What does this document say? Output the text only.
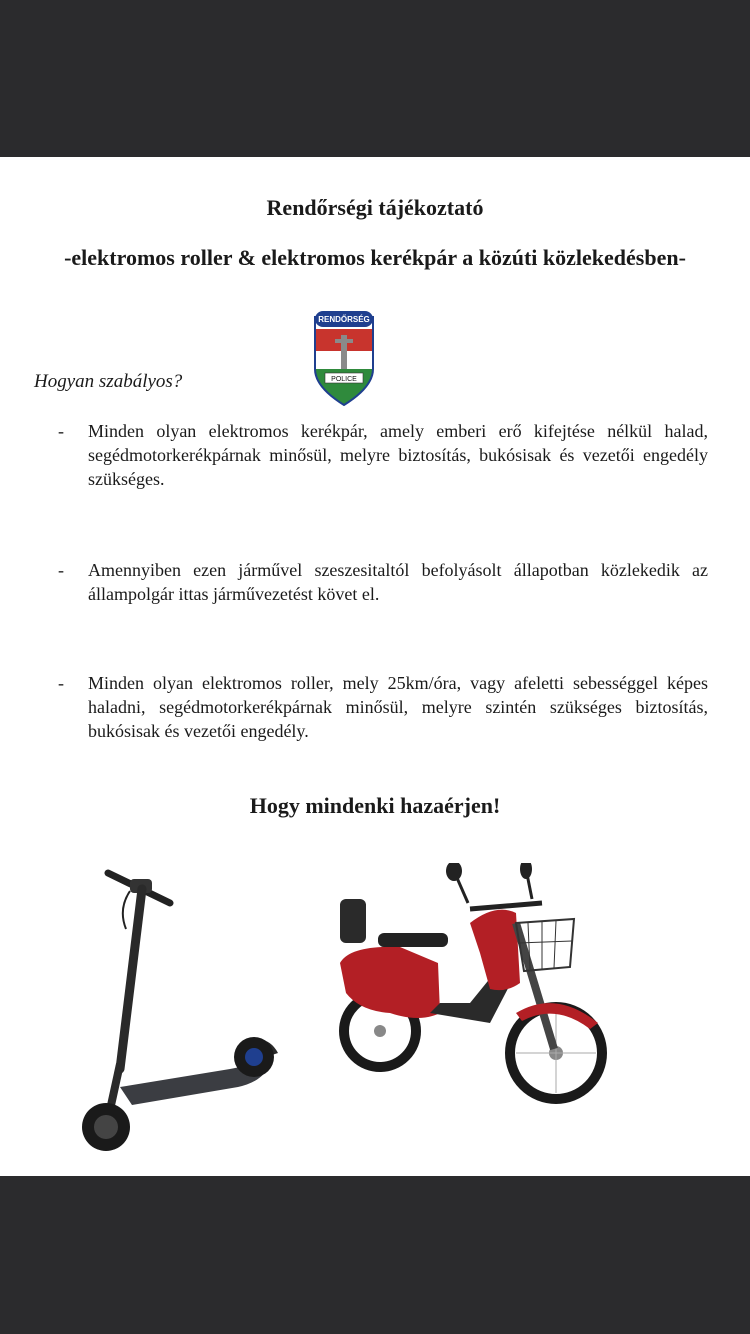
Rendőrségi tájékoztató
-elektromos roller & elektromos kerékpár a közúti közlekedésben-
RENDŐRSÉG
POLICE
Hogyan szabályos?
-	Minden olyan elektromos kerékpár, amely emberi erő kifejtése nélkül halad, segédmotorkerékpárnak minősül, melyre biztosítás, bukósisak és vezetői engedély szükséges.
-	Amennyiben ezen járművel szeszesitaltól befolyásolt állapotban közlekedik az állampolgár ittas járművezetést követ el.
-	Minden olyan elektromos roller, mely 25km/óra, vagy afeletti sebességgel képes haladni, segédmotorkerékpárnak minősül, melyre szintén szükséges biztosítás, bukósisak és vezetői engedély.
Hogy mindenki hazaérjen!
